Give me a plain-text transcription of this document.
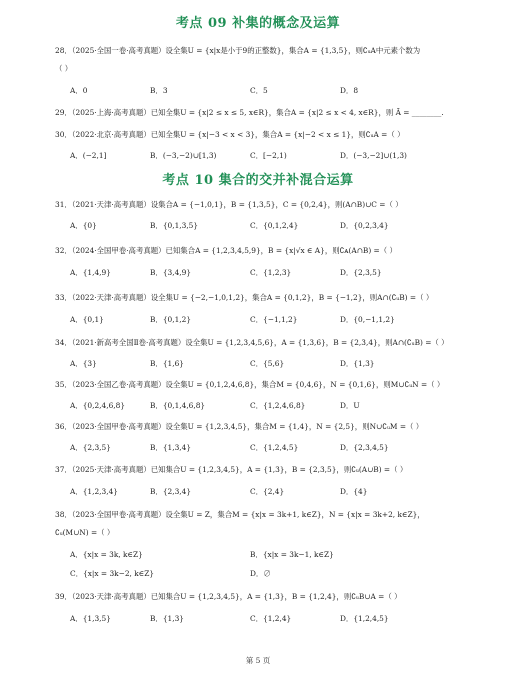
考点 09 补集的概念及运算
28．（2025·全国一卷·高考真题）设全集U = {x|x是小于9的正整数}，集合A = {1,3,5}，则∁ᵤA中元素个数为
（ ）
A．0	B．3	C．5	D．8
29．（2025·上海·高考真题）已知全集U = {x|2 ≤ x ≤ 5, x∈R}，集合A = {x|2 ≤ x < 4, x∈R}，则 Ā = ________.
30．（2022·北京·高考真题）已知全集U = {x|−3 < x < 3}，集合A = {x|−2 < x ≤ 1}，则∁ᵤA =（ ）
A．(−2,1]	B．(−3,−2)∪[1,3)	C．[−2,1)	D．(−3,−2]∪(1,3)
考点 10 集合的交并补混合运算
31．（2021·天津·高考真题）设集合A = {−1,0,1}，B = {1,3,5}，C = {0,2,4}，则(A∩B)∪C =（ ）
A．{0}	B．{0,1,3,5}	C．{0,1,2,4}	D．{0,2,3,4}
32．（2024·全国甲卷·高考真题）已知集合A = {1,2,3,4,5,9}，B = {x|√x ∈ A}，则∁ᴀ(A∩B) =（ ）
A．{1,4,9}	B．{3,4,9}	C．{1,2,3}	D．{2,3,5}
33．（2022·天津·高考真题）设全集U = {−2,−1,0,1,2}，集合A = {0,1,2}，B = {−1,2}，则A∩(∁ᵤB) =（ ）
A．{0,1}	B．{0,1,2}	C．{−1,1,2}	D．{0,−1,1,2}
34．（2021·新高考全国Ⅱ卷·高考真题）设全集U = {1,2,3,4,5,6}，A = {1,3,6}，B = {2,3,4}，则A∩(∁ᵤB) =（ ）
A．{3}	B．{1,6}	C．{5,6}	D．{1,3}
35．（2023·全国乙卷·高考真题）设全集U = {0,1,2,4,6,8}，集合M = {0,4,6}，N = {0,1,6}，则M∪∁ᵤN =（ ）
A．{0,2,4,6,8}	B．{0,1,4,6,8}	C．{1,2,4,6,8}	D．U
36．（2023·全国甲卷·高考真题）设全集U = {1,2,3,4,5}，集合M = {1,4}，N = {2,5}，则N∪∁ᵤM =（ ）
A．{2,3,5}	B．{1,3,4}	C．{1,2,4,5}	D．{2,3,4,5}
37．（2025·天津·高考真题）已知集合U = {1,2,3,4,5}，A = {1,3}，B = {2,3,5}，则∁ᵤ(A∪B) =（ ）
A．{1,2,3,4}	B．{2,3,4}	C．{2,4}	D．{4}
38．（2023·全国甲卷·高考真题）设全集U = Z，集合M = {x|x = 3k+1, k∈Z}，N = {x|x = 3k+2, k∈Z}，
∁ᵤ(M∪N) =（ ）
A．{x|x = 3k, k∈Z}	B．{x|x = 3k−1, k∈Z}
C．{x|x = 3k−2, k∈Z}	D．∅
39．（2023·天津·高考真题）已知集合U = {1,2,3,4,5}，A = {1,3}，B = {1,2,4}，则∁ᵤB∪A =（ ）
A．{1,3,5}	B．{1,3}	C．{1,2,4}	D．{1,2,4,5}
第 5 页
